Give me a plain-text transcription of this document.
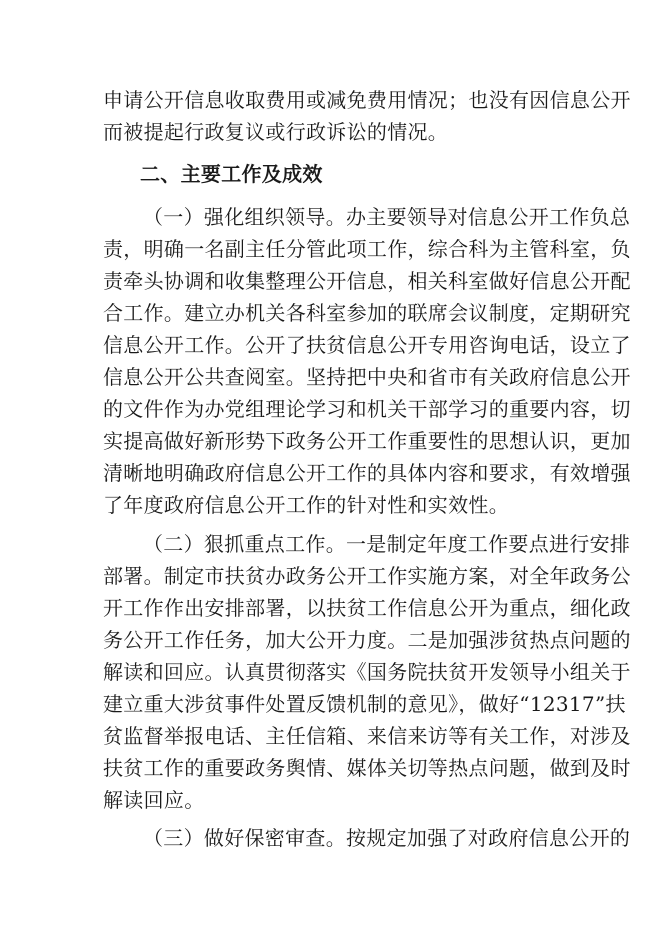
申请公开信息收取费用或减免费用情况；也没有因信息公开
而被提起行政复议或行政诉讼的情况。
二、主要工作及成效
（一）强化组织领导。办主要领导对信息公开工作负总
责，明确一名副主任分管此项工作，综合科为主管科室，负
责牵头协调和收集整理公开信息，相关科室做好信息公开配
合工作。建立办机关各科室参加的联席会议制度，定期研究
信息公开工作。公开了扶贫信息公开专用咨询电话，设立了
信息公开公共查阅室。坚持把中央和省市有关政府信息公开
的文件作为办党组理论学习和机关干部学习的重要内容，切
实提高做好新形势下政务公开工作重要性的思想认识，更加
清晰地明确政府信息公开工作的具体内容和要求，有效增强
了年度政府信息公开工作的针对性和实效性。
（二）狠抓重点工作。一是制定年度工作要点进行安排
部署。制定市扶贫办政务公开工作实施方案，对全年政务公
开工作作出安排部署，以扶贫工作信息公开为重点，细化政
务公开工作任务，加大公开力度。二是加强涉贫热点问题的
解读和回应。认真贯彻落实《国务院扶贫开发领导小组关于
建立重大涉贫事件处置反馈机制的意见》，做好“12317”扶
贫监督举报电话、主任信箱、来信来访等有关工作，对涉及
扶贫工作的重要政务舆情、媒体关切等热点问题，做到及时
解读回应。
（三）做好保密审查。按规定加强了对政府信息公开的
